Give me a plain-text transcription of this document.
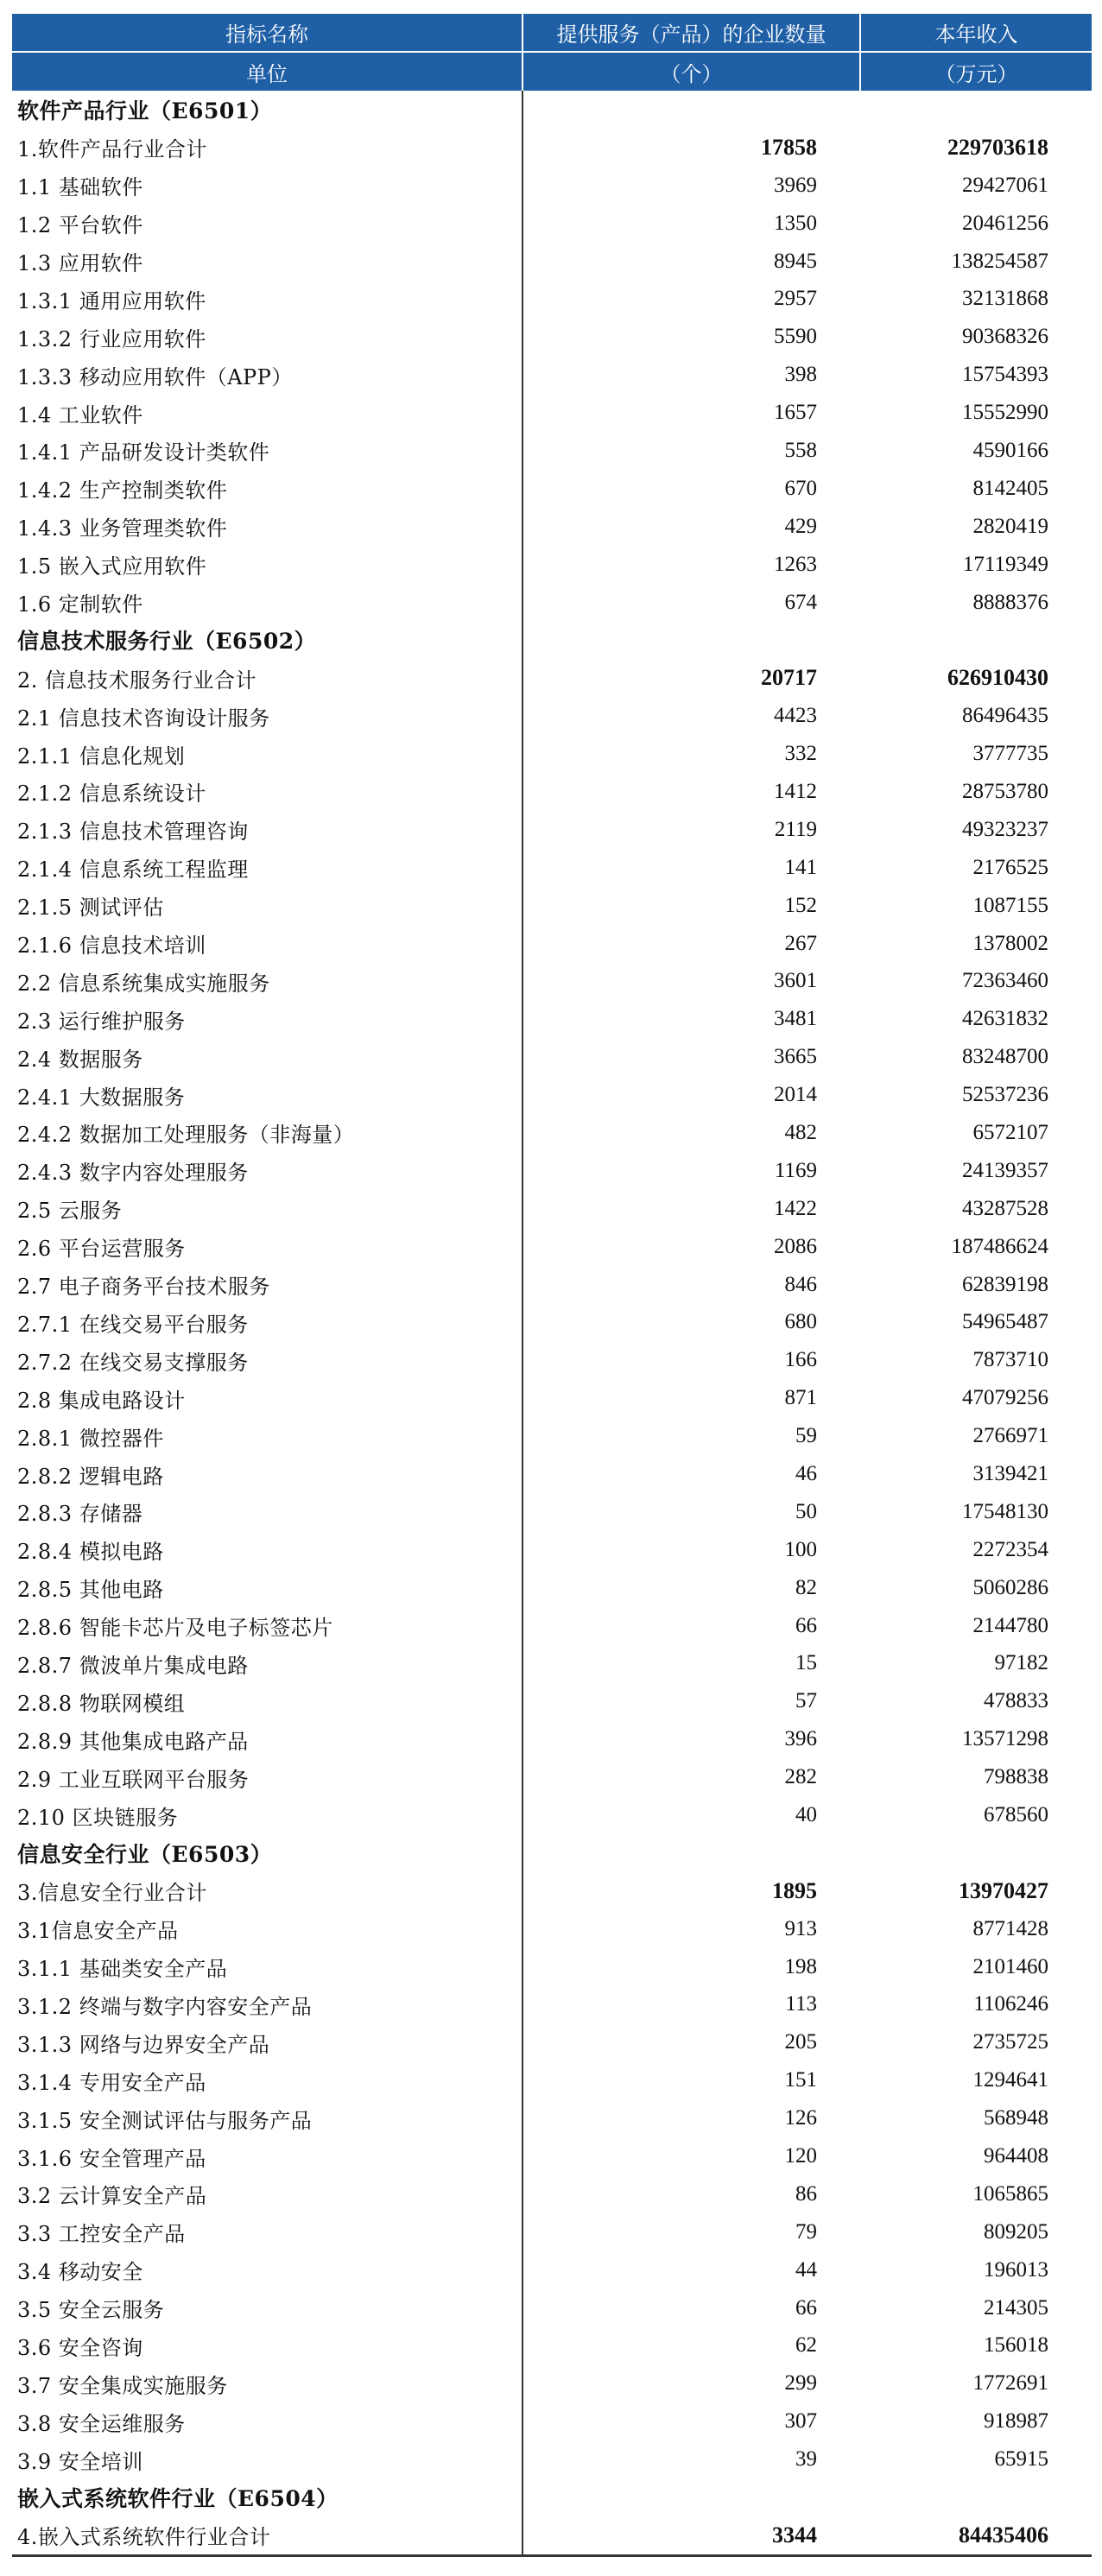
指标名称	提供服务（产品）的企业数量	本年收入
单位	（个）	（万元）
软件产品行业（E6501）		
1.软件产品行业合计	17858	229703618
1.1 基础软件	3969	29427061
1.2 平台软件	1350	20461256
1.3 应用软件	8945	138254587
1.3.1 通用应用软件	2957	32131868
1.3.2 行业应用软件	5590	90368326
1.3.3 移动应用软件（APP）	398	15754393
1.4 工业软件	1657	15552990
1.4.1 产品研发设计类软件	558	4590166
1.4.2 生产控制类软件	670	8142405
1.4.3 业务管理类软件	429	2820419
1.5 嵌入式应用软件	1263	17119349
1.6 定制软件	674	8888376
信息技术服务行业（E6502）		
2. 信息技术服务行业合计	20717	626910430
2.1 信息技术咨询设计服务	4423	86496435
2.1.1 信息化规划	332	3777735
2.1.2 信息系统设计	1412	28753780
2.1.3 信息技术管理咨询	2119	49323237
2.1.4 信息系统工程监理	141	2176525
2.1.5 测试评估	152	1087155
2.1.6 信息技术培训	267	1378002
2.2 信息系统集成实施服务	3601	72363460
2.3 运行维护服务	3481	42631832
2.4 数据服务	3665	83248700
2.4.1 大数据服务	2014	52537236
2.4.2 数据加工处理服务（非海量）	482	6572107
2.4.3 数字内容处理服务	1169	24139357
2.5 云服务	1422	43287528
2.6 平台运营服务	2086	187486624
2.7 电子商务平台技术服务	846	62839198
2.7.1 在线交易平台服务	680	54965487
2.7.2 在线交易支撑服务	166	7873710
2.8 集成电路设计	871	47079256
2.8.1 微控器件	59	2766971
2.8.2 逻辑电路	46	3139421
2.8.3 存储器	50	17548130
2.8.4 模拟电路	100	2272354
2.8.5 其他电路	82	5060286
2.8.6 智能卡芯片及电子标签芯片	66	2144780
2.8.7 微波单片集成电路	15	97182
2.8.8 物联网模组	57	478833
2.8.9 其他集成电路产品	396	13571298
2.9 工业互联网平台服务	282	798838
2.10 区块链服务	40	678560
信息安全行业（E6503）		
3.信息安全行业合计	1895	13970427
3.1信息安全产品	913	8771428
3.1.1 基础类安全产品	198	2101460
3.1.2 终端与数字内容安全产品	113	1106246
3.1.3 网络与边界安全产品	205	2735725
3.1.4 专用安全产品	151	1294641
3.1.5 安全测试评估与服务产品	126	568948
3.1.6 安全管理产品	120	964408
3.2 云计算安全产品	86	1065865
3.3 工控安全产品	79	809205
3.4 移动安全	44	196013
3.5 安全云服务	66	214305
3.6 安全咨询	62	156018
3.7 安全集成实施服务	299	1772691
3.8 安全运维服务	307	918987
3.9 安全培训	39	65915
嵌入式系统软件行业（E6504）		
4.嵌入式系统软件行业合计	3344	84435406
